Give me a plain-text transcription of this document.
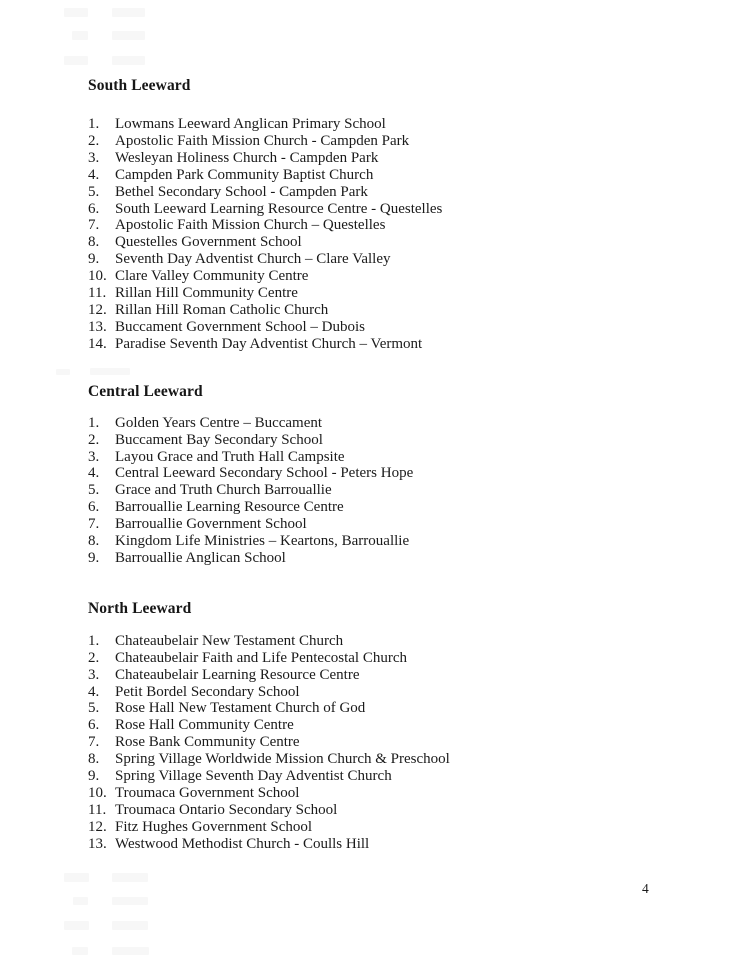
South Leeward
1.	Lowmans Leeward Anglican Primary School
2.	Apostolic Faith Mission Church - Campden Park
3.	Wesleyan Holiness Church - Campden Park
4.	Campden Park Community Baptist Church
5.	Bethel Secondary School - Campden Park
6.	South Leeward Learning Resource Centre - Questelles
7.	Apostolic Faith Mission Church – Questelles
8.	Questelles Government School
9.	Seventh Day Adventist Church – Clare Valley
10. Clare Valley Community Centre
11. Rillan Hill Community Centre
12. Rillan Hill Roman Catholic Church
13. Buccament Government School – Dubois
14. Paradise Seventh Day Adventist Church – Vermont
Central Leeward
1.	Golden Years Centre – Buccament
2.	Buccament Bay Secondary School
3.	Layou Grace and Truth Hall Campsite
4.	Central Leeward Secondary School - Peters Hope
5.	Grace and Truth Church Barrouallie
6.	Barrouallie Learning Resource Centre
7.	Barrouallie Government School
8.	Kingdom Life Ministries – Keartons, Barrouallie
9.	Barrouallie Anglican School
North Leeward
1.	Chateaubelair New Testament Church
2.	Chateaubelair Faith and Life Pentecostal Church
3.	Chateaubelair Learning Resource Centre
4.	Petit Bordel Secondary School
5.	Rose Hall New Testament Church of God
6.	Rose Hall Community Centre
7.	Rose Bank Community Centre
8.	Spring Village Worldwide Mission Church & Preschool
9.	Spring Village Seventh Day Adventist Church
10. Troumaca Government School
11. Troumaca Ontario Secondary School
12. Fitz Hughes Government School
13. Westwood Methodist Church - Coulls Hill
4
